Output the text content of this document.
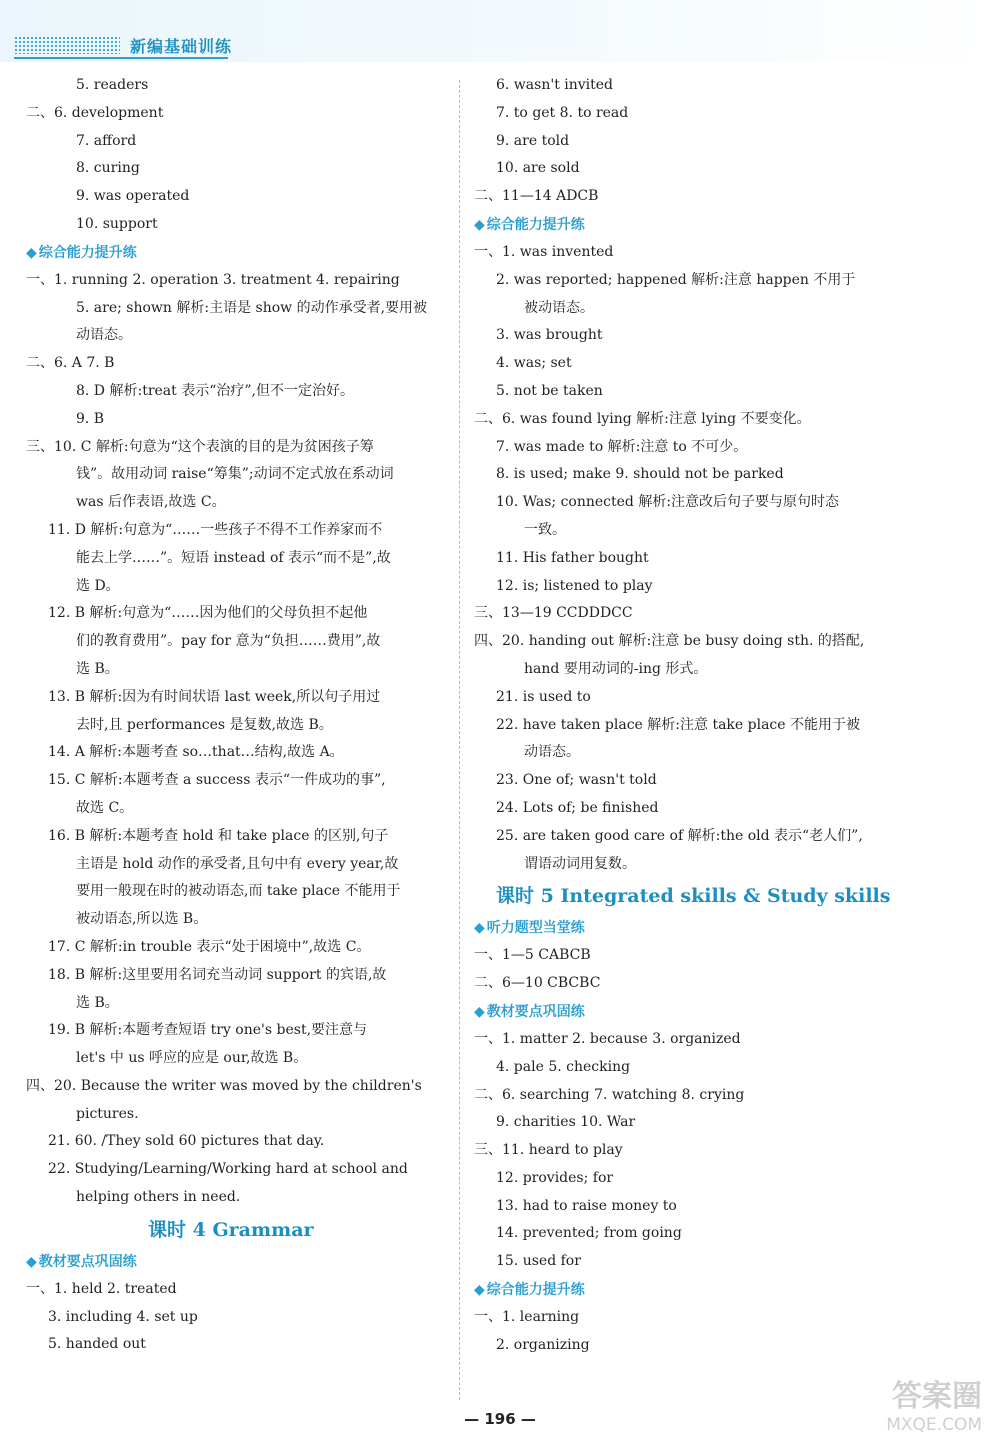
新编基础训练
5. readers
二、6. development
7. afford
8. curing
9. was operated
10. support
◆ 综合能力提升练
一、1. running 2. operation 3. treatment 4. repairing
5. are; shown 解析:主语是 show 的动作承受者,要用被
动语态。
二、6. A 7. B
8. D 解析:treat 表示“治疗”,但不一定治好。
9. B
三、10. C 解析:句意为“这个表演的目的是为贫困孩子筹
钱”。故用动词 raise“筹集”;动词不定式放在系动词
was 后作表语,故选 C。
11. D 解析:句意为“……一些孩子不得不工作养家而不
能去上学……”。短语 instead of 表示“而不是”,故
选 D。
12. B 解析:句意为“……因为他们的父母负担不起他
们的教育费用”。pay for 意为“负担……费用”,故
选 B。
13. B 解析:因为有时间状语 last week,所以句子用过
去时,且 performances 是复数,故选 B。
14. A 解析:本题考查 so…that…结构,故选 A。
15. C 解析:本题考查 a success 表示“一件成功的事”,
故选 C。
16. B 解析:本题考查 hold 和 take place 的区别,句子
主语是 hold 动作的承受者,且句中有 every year,故
要用一般现在时的被动语态,而 take place 不能用于
被动语态,所以选 B。
17. C 解析:in trouble 表示“处于困境中”,故选 C。
18. B 解析:这里要用名词充当动词 support 的宾语,故
选 B。
19. B 解析:本题考查短语 try one's best,要注意与
let's 中 us 呼应的应是 our,故选 B。
四、20. Because the writer was moved by the children's
pictures.
21. 60. /They sold 60 pictures that day.
22. Studying/Learning/Working hard at school and
helping others in need.
课时 4 Grammar
◆ 教材要点巩固练
一、1. held 2. treated
3. including 4. set up
5. handed out
6. wasn't invited
7. to get 8. to read
9. are told
10. are sold
二、11—14 ADCB
◆ 综合能力提升练
一、1. was invented
2. was reported; happened 解析:注意 happen 不用于
被动语态。
3. was brought
4. was; set
5. not be taken
二、6. was found lying 解析:注意 lying 不要变化。
7. was made to 解析:注意 to 不可少。
8. is used; make 9. should not be parked
10. Was; connected 解析:注意改后句子要与原句时态
一致。
11. His father bought
12. is; listened to play
三、13—19 CCDDDCC
四、20. handing out 解析:注意 be busy doing sth. 的搭配,
hand 要用动词的-ing 形式。
21. is used to
22. have taken place 解析:注意 take place 不能用于被
动语态。
23. One of; wasn't told
24. Lots of; be finished
25. are taken good care of 解析:the old 表示“老人们”,
谓语动词用复数。
课时 5 Integrated skills & Study skills
◆ 听力题型当堂练
一、1—5 CABCB
二、6—10 CBCBC
◆ 教材要点巩固练
一、1. matter 2. because 3. organized
4. pale 5. checking
二、6. searching 7. watching 8. crying
9. charities 10. War
三、11. heard to play
12. provides; for
13. had to raise money to
14. prevented; from going
15. used for
◆ 综合能力提升练
一、1. learning
2. organizing
— 196 —
答案圈
MXQE.COM
